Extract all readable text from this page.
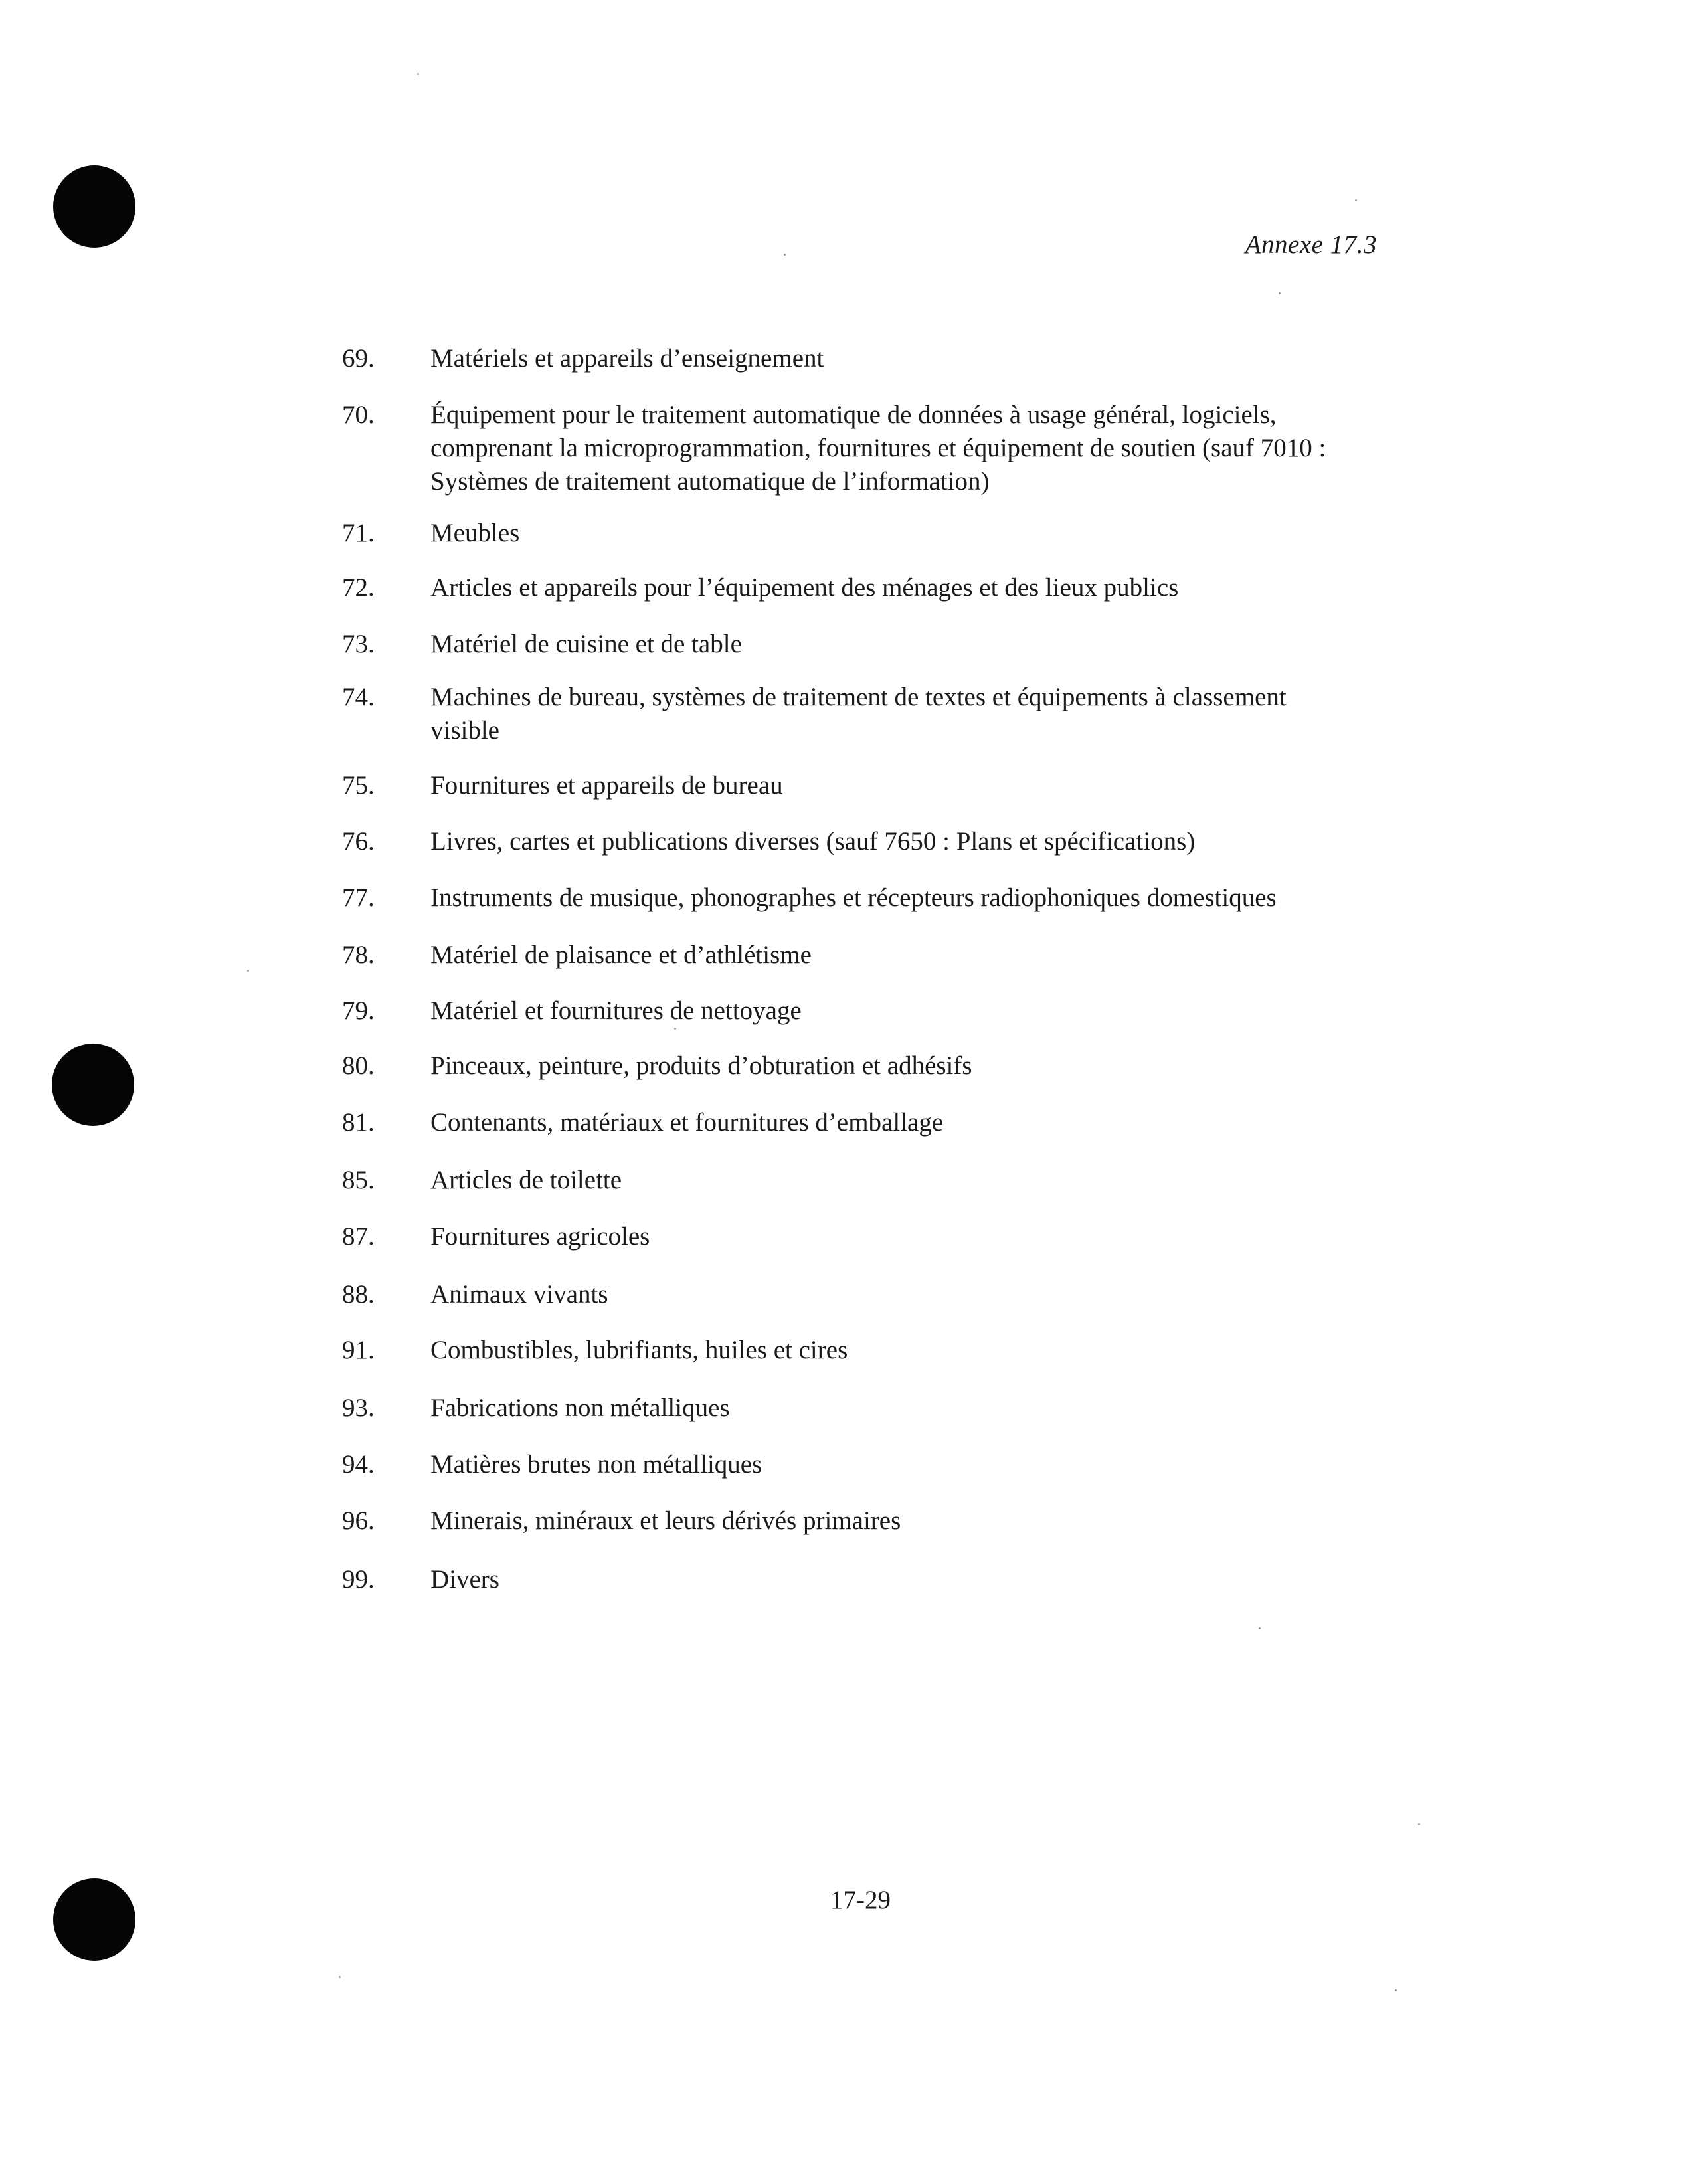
Annexe 17.3
69. Matériels et appareils d’enseignement
70. Équipement pour le traitement automatique de données à usage général, logiciels, comprenant la microprogrammation, fournitures et équipement de soutien (sauf 7010 : Systèmes de traitement automatique de l’information)
71. Meubles
72. Articles et appareils pour l’équipement des ménages et des lieux publics
73. Matériel de cuisine et de table
74. Machines de bureau, systèmes de traitement de textes et équipements à classement visible
75. Fournitures et appareils de bureau
76. Livres, cartes et publications diverses (sauf 7650 : Plans et spécifications)
77. Instruments de musique, phonographes et récepteurs radiophoniques domestiques
78. Matériel de plaisance et d’athlétisme
79. Matériel et fournitures de nettoyage
80. Pinceaux, peinture, produits d’obturation et adhésifs
81. Contenants, matériaux et fournitures d’emballage
85. Articles de toilette
87. Fournitures agricoles
88. Animaux vivants
91. Combustibles, lubrifiants, huiles et cires
93. Fabrications non métalliques
94. Matières brutes non métalliques
96. Minerais, minéraux et leurs dérivés primaires
99. Divers
17-29
